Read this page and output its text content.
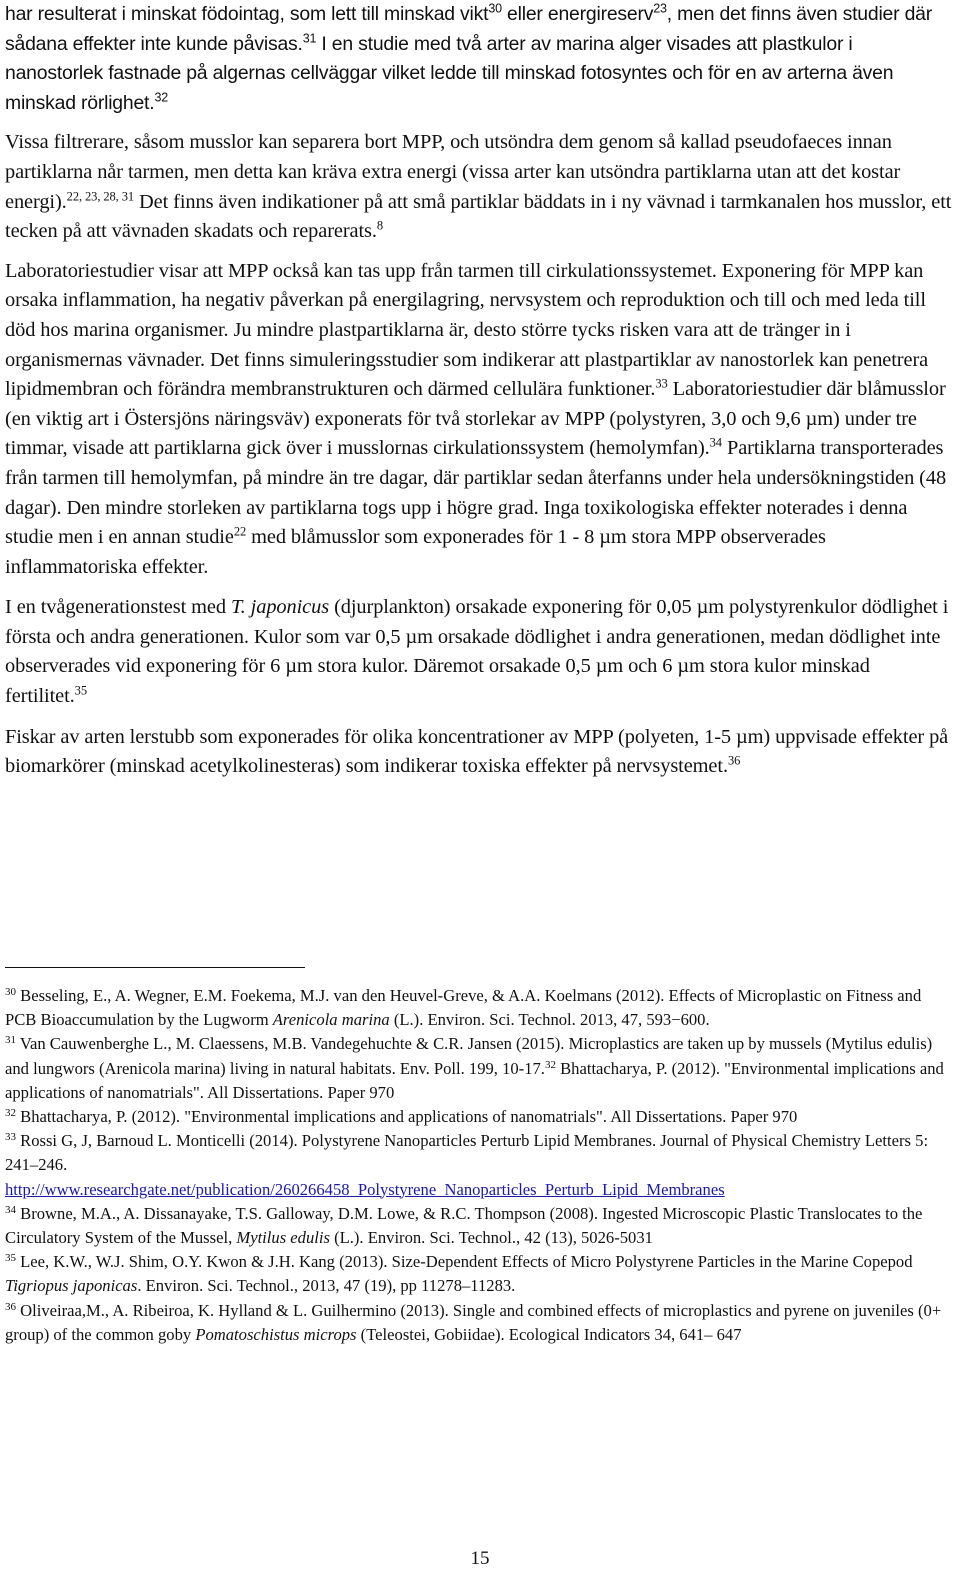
har resulterat i minskat födointag, som lett till minskad vikt$^{30}$ eller energireserv$^{23}$, men det finns även studier där sådana effekter inte kunde påvisas.$^{31}$ I en studie med två arter av marina alger visades att plastkulor i nanostorlek fastnade på algernas cellväggar vilket ledde till minskad fotosyntes och för en av arterna även minskad rörlighet.$^{32}$

Vissa filtrerare, såsom musslor kan separera bort MPP, och utsöndra dem genom så kallad pseudofaeces innan partiklarna når tarmen, men detta kan kräva extra energi (vissa arter kan utsöndra partiklarna utan att det kostar energi).$^{22, 23, 28, 31}$ Det finns även indikationer på att små partiklar bäddats in i ny vävnad i tarmkanalen hos musslor, ett tecken på att vävnaden skadats och reparerats.$^8$

Laboratoriestudier visar att MPP också kan tas upp från tarmen till cirkulationssystemet. Exponering för MPP kan orsaka inflammation, ha negativ påverkan på energilagring, nervsystem och reproduktion och till och med leda till död hos marina organismer. Ju mindre plastpartiklarna är, desto större tycks risken vara att de tränger in i organismernas vävnader. Det finns simuleringsstudier som indikerar att plastpartiklar av nanostorlek kan penetrera lipidmembran och förändra membranstrukturen och därmed cellulära funktioner.$^{33}$ Laboratoriestudier där blåmusslor (en viktig art i Östersjöns näringsväv) exponerats för två storlekar av MPP (polystyren, 3,0 och 9,6 µm) under tre timmar, visade att partiklarna gick över i musslornas cirkulationssystem (hemolymfan).$^{34}$ Partiklarna transporterades från tarmen till hemolymfan, på mindre än tre dagar, där partiklar sedan återfanns under hela undersökningstiden (48 dagar). Den mindre storleken av partiklarna togs upp i högre grad. Inga toxikologiska effekter noterades i denna studie men i en annan studie$^{22}$ med blåmusslor som exponerades för 1 - 8 µm stora MPP observerades inflammatoriska effekter.

I en tvågenerationstest med T. japonicus (djurplankton) orsakade exponering för 0,05 µm polystyrenkulor dödlighet i första och andra generationen. Kulor som var 0,5 µm orsakade dödlighet i andra generationen, medan dödlighet inte observerades vid exponering för 6 µm stora kulor. Däremot orsakade 0,5 µm och 6 µm stora kulor minskad fertilitet.$^{35}$

Fiskar av arten lerstubb som exponerades för olika koncentrationer av MPP (polyeten, 1-5 µm) uppvisade effekter på biomarkörer (minskad acetylkolinesteras) som indikerar toxiska effekter på nervsystemet.$^{36}$

$^{30}$ Besseling, E., A. Wegner, E.M. Foekema, M.J. van den Heuvel-Greve, & A.A. Koelmans (2012). Effects of Microplastic on Fitness and PCB Bioaccumulation by the Lugworm Arenicola marina (L.). Environ. Sci. Technol. 2013, 47, 593−600.

$^{31}$ Van Cauwenberghe L., M. Claessens, M.B. Vandegehuchte & C.R. Jansen (2015). Microplastics are taken up by mussels (Mytilus edulis) and lungwors (Arenicola marina) living in natural habitats. Env. Poll. 199, 10-17.32 Bhattacharya, P. (2012). "Environmental implications and applications of nanomatrials". All Dissertations. Paper 970

$^{32}$ Bhattacharya, P. (2012). "Environmental implications and applications of nanomatrials". All Dissertations. Paper 970

$^{33}$ Rossi G, J, Barnoud L. Monticelli (2014). Polystyrene Nanoparticles Perturb Lipid Membranes. Journal of Physical Chemistry Letters 5: 241–246.
http://www.researchgate.net/publication/260266458_Polystyrene_Nanoparticles_Perturb_Lipid_Membranes

$^{34}$ Browne, M.A., A. Dissanayake, T.S. Galloway, D.M. Lowe, & R.C. Thompson (2008). Ingested Microscopic Plastic Translocates to the Circulatory System of the Mussel, Mytilus edulis (L.). Environ. Sci. Technol., 42 (13), 5026-5031

$^{35}$ Lee, K.W., W.J. Shim, O.Y. Kwon & J.H. Kang (2013). Size-Dependent Effects of Micro Polystyrene Particles in the Marine Copepod Tigriopus japonicas. Environ. Sci. Technol., 2013, 47 (19), pp 11278–11283.

$^{36}$ Oliveiraa,M., A. Ribeiroa, K. Hylland & L. Guilhermino (2013). Single and combined effects of microplastics and pyrene on juveniles (0+ group) of the common goby Pomatoschistus microps (Teleostei, Gobiidae). Ecological Indicators 34, 641– 647

15
